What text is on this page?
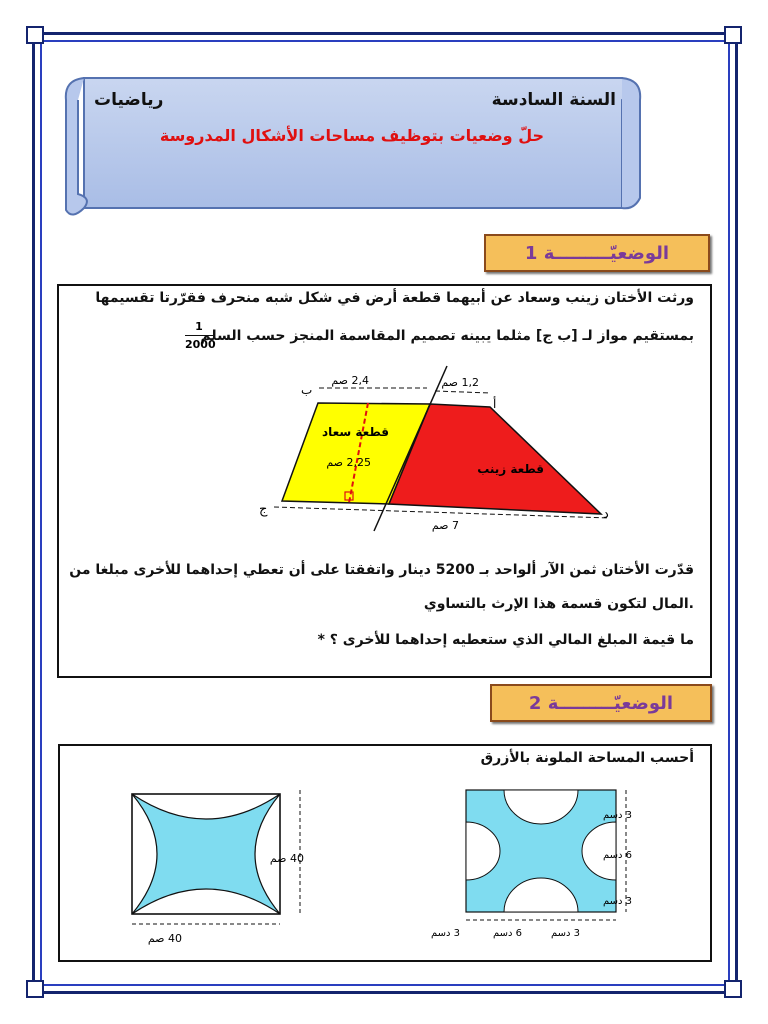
السنة السادسة
رياضيات
حلّ وضعيات بتوظيف مساحات الأشكال المدروسة
الوضعيّـــــــــة 1
ورثت الأختان زينب وسعاد عن أبيهما قطعة أرض في شكل شبه منحرف فقرّرتا تقسيمها
بمستقيم مواز لـ [ب ج] مثلما يبينه تصميم المقاسمة المنجز حسب السلم
1
2000
ب
أ
ج	د
2,4 صم	1,2 صم
2,25 صم
7 صم
قطعة سعاد
قطعة زينب
قدّرت الأختان ثمن الآر ألواحد بـ 5200 دينار واتفقتا على أن تعطي إحداهما للأخرى مبلغا من
المال لتكون قسمة هذا الإرث بالتساوي.
* ما قيمة المبلغ المالي الذي ستعطيه إحداهما للأخرى ؟
الوضعيّـــــــــة 2
أحسب المساحة الملونة بالأزرق
40 صم
40 صم
3 دسم
6 دسم
3 دسم
3 دسم	6 دسم	3 دسم
